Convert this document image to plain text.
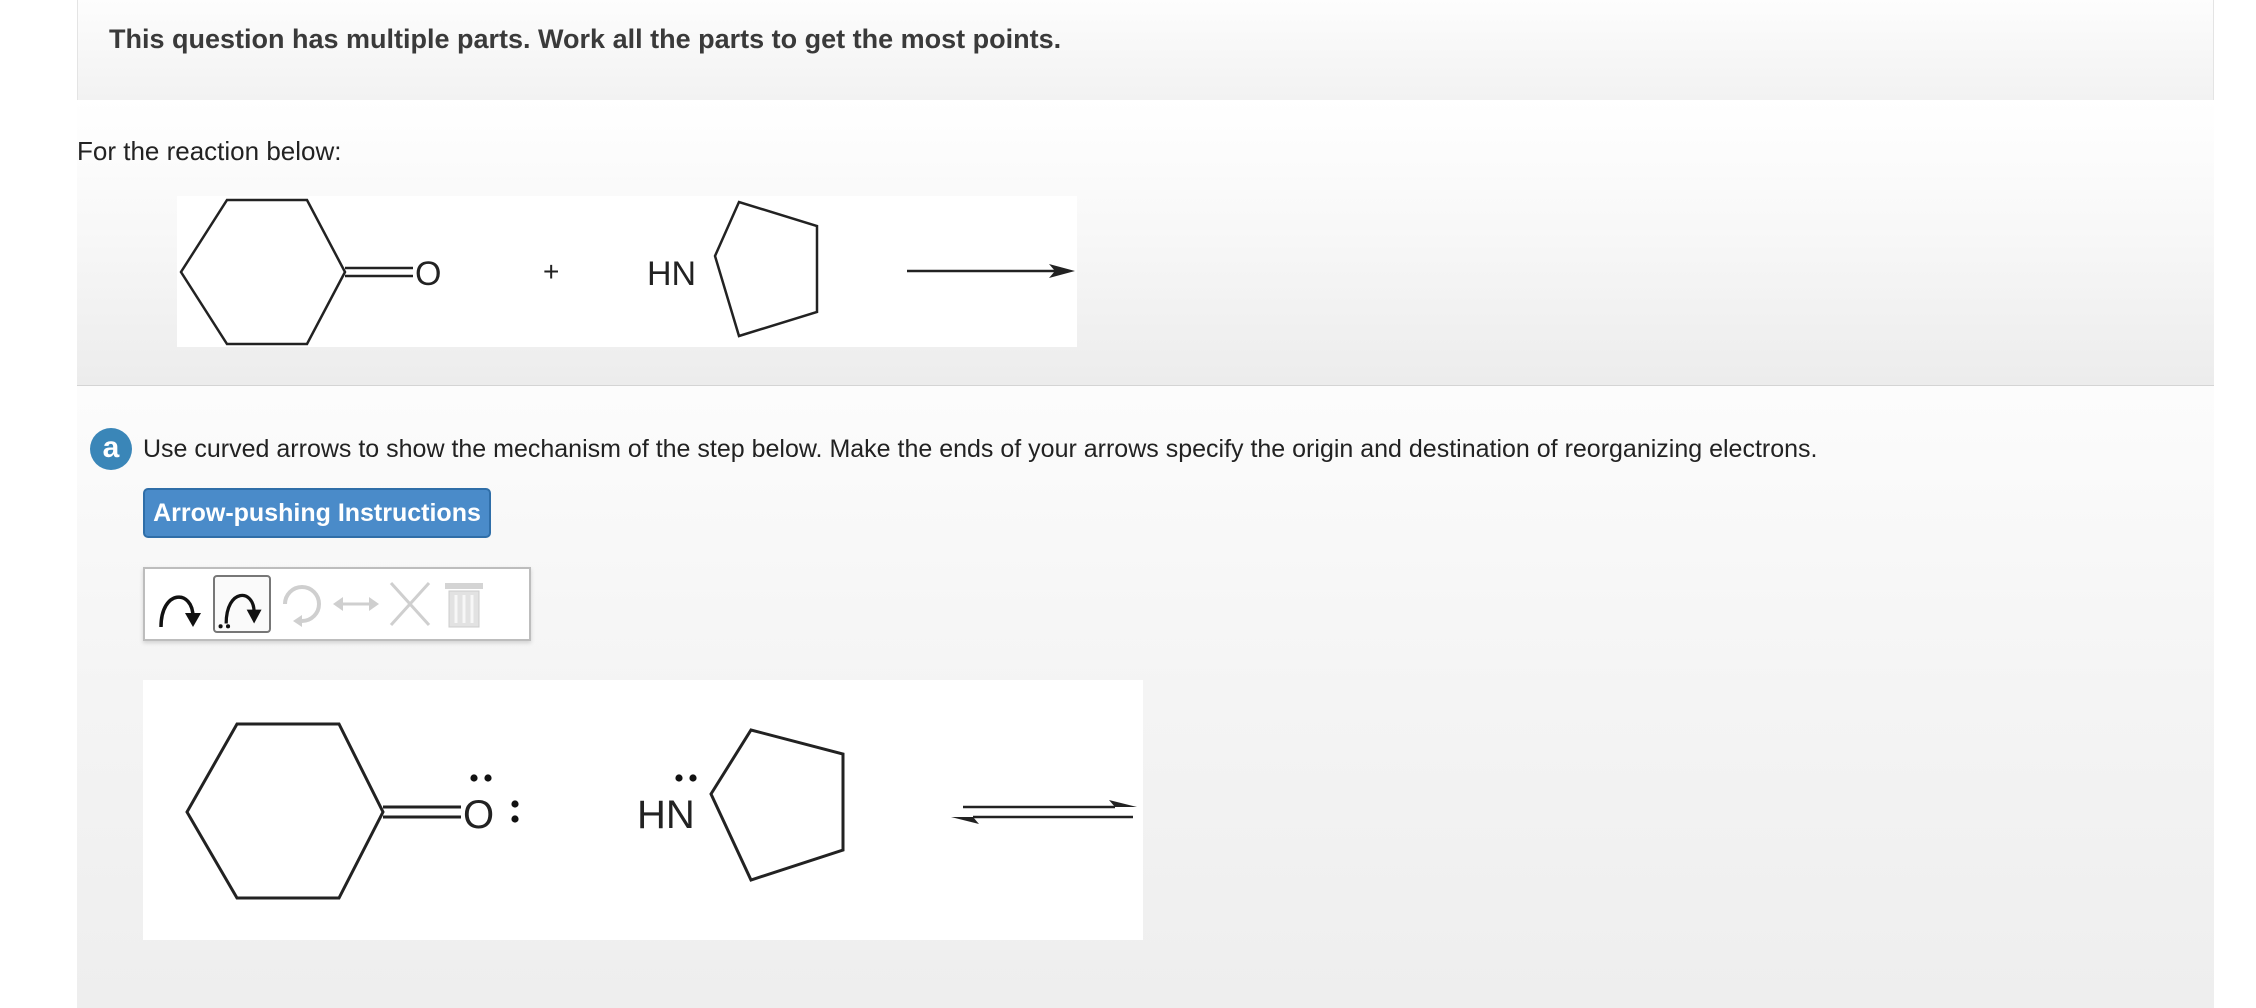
This question has multiple parts. Work all the parts to get the most points.
For the reaction below:
O	+	HN
a Use curved arrows to show the mechanism of the step below. Make the ends of your arrows specify the origin and destination of reorganizing electrons.
Arrow-pushing Instructions
O	HN
